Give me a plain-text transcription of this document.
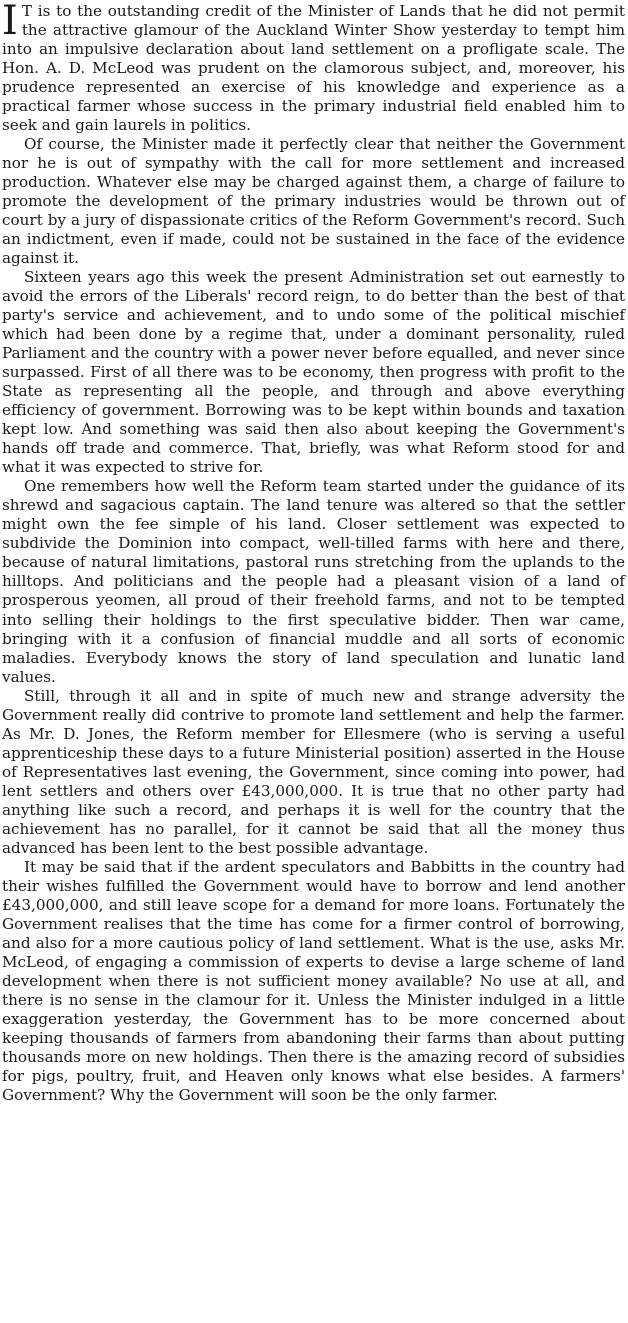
I T is to the outstanding credit of the Minister of Lands that he did not permit the attractive glamour of the Auckland Winter Show yesterday to tempt him into an impulsive declaration about land settlement on a profligate scale. The Hon. A. D. McLeod was prudent on the clamorous subject, and, moreover, his prudence represented an exercise of his knowledge and experience as a practical farmer whose success in the primary industrial field enabled him to seek and gain laurels in politics.

Of course, the Minister made it perfectly clear that neither the Government nor he is out of sympathy with the call for more settlement and increased production. Whatever else may be charged against them, a charge of failure to promote the development of the primary industries would be thrown out of court by a jury of dispassionate critics of the Reform Government's record. Such an indictment, even if made, could not be sustained in the face of the evidence against it.

Sixteen years ago this week the present Administration set out earnestly to avoid the errors of the Liberals' record reign, to do better than the best of that party's service and achievement, and to undo some of the political mischief which had been done by a regime that, under a dominant personality, ruled Parliament and the country with a power never before equalled, and never since surpassed. First of all there was to be economy, then progress with profit to the State as representing all the people, and through and above everything efficiency of government. Borrowing was to be kept within bounds and taxation kept low. And something was said then also about keeping the Government's hands off trade and commerce. That, briefly, was what Reform stood for and what it was expected to strive for.

One remembers how well the Reform team started under the guidance of its shrewd and sagacious captain. The land tenure was altered so that the settler might own the fee simple of his land. Closer settlement was expected to subdivide the Dominion into compact, well-tilled farms with here and there, because of natural limitations, pastoral runs stretching from the uplands to the hilltops. And politicians and the people had a pleasant vision of a land of prosperous yeomen, all proud of their freehold farms, and not to be tempted into selling their holdings to the first speculative bidder. Then war came, bringing with it a confusion of financial muddle and all sorts of economic maladies. Everybody knows the story of land speculation and lunatic land values.

Still, through it all and in spite of much new and strange adversity the Government really did contrive to promote land settlement and help the farmer. As Mr. D. Jones, the Reform member for Ellesmere (who is serving a useful apprenticeship these days to a future Ministerial position) asserted in the House of Representatives last evening, the Government, since coming into power, had lent settlers and others over £43,000,000. It is true that no other party had anything like such a record, and perhaps it is well for the country that the achievement has no parallel, for it cannot be said that all the money thus advanced has been lent to the best possible advantage.

It may be said that if the ardent speculators and Babbitts in the country had their wishes fulfilled the Government would have to borrow and lend another £43,000,000, and still leave scope for a demand for more loans. Fortunately the Government realises that the time has come for a firmer control of borrowing, and also for a more cautious policy of land settlement. What is the use, asks Mr. McLeod, of engaging a commission of experts to devise a large scheme of land development when there is not sufficient money available? No use at all, and there is no sense in the clamour for it. Unless the Minister indulged in a little exaggeration yesterday, the Government has to be more concerned about keeping thousands of farmers from abandoning their farms than about putting thousands more on new holdings. Then there is the amazing record of subsidies for pigs, poultry, fruit, and Heaven only knows what else besides. A farmers' Government? Why the Government will soon be the only farmer.
